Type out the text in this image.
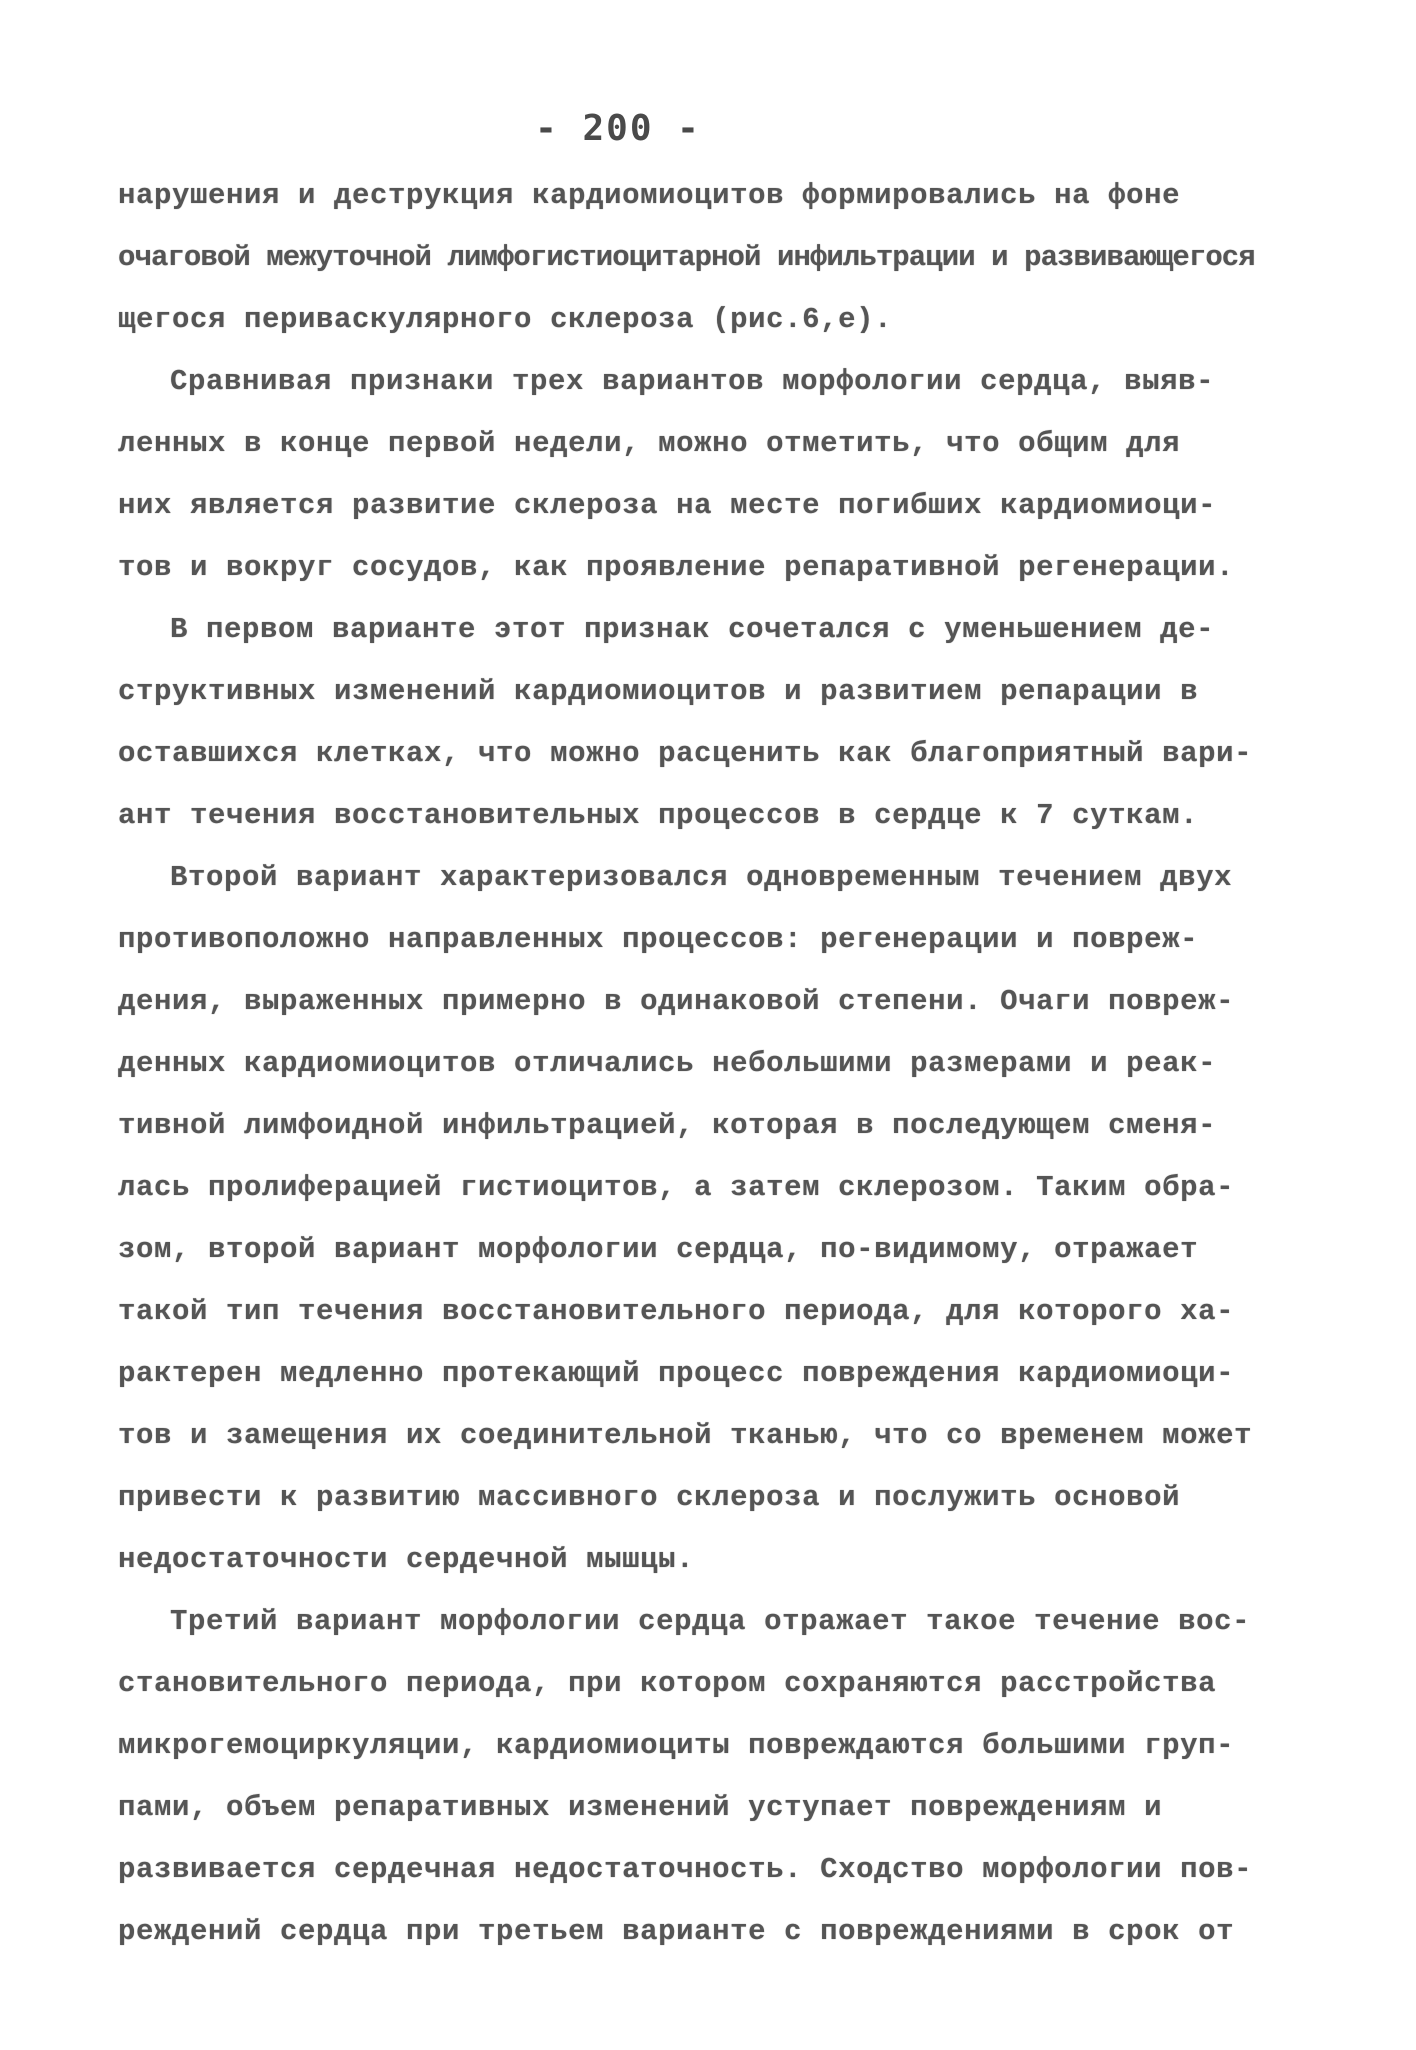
- 200 -
нарушения и деструкция кардиомиоцитов формировались на фоне
очаговой межуточной лимфогистиоцитарной инфильтрации и развивающегося
щегося периваскулярного склероза (рис.6,е).
Сравнивая признаки трех вариантов морфологии сердца, выяв-
ленных в конце первой недели, можно отметить, что общим для
них является развитие склероза на месте погибших кардиомиоци-
тов и вокруг сосудов, как проявление репаративной регенерации.
В первом варианте этот признак сочетался с уменьшением де-
структивных изменений кардиомиоцитов и развитием репарации в
оставшихся клетках, что можно расценить как благоприятный вари-
ант течения восстановительных процессов в сердце к 7 суткам.
Второй вариант характеризовался одновременным течением двух
противоположно направленных процессов: регенерации и повреж-
дения, выраженных примерно в одинаковой степени. Очаги повреж-
денных кардиомиоцитов отличались небольшими размерами и реак-
тивной лимфоидной инфильтрацией, которая в последующем сменя-
лась пролиферацией гистиоцитов, а затем склерозом. Таким обра-
зом, второй вариант морфологии сердца, по-видимому, отражает
такой тип течения восстановительного периода, для которого ха-
рактерен медленно протекающий процесс повреждения кардиомиоци-
тов и замещения их соединительной тканью, что со временем может
привести к развитию массивного склероза и послужить основой
недостаточности сердечной мышцы.
Третий вариант морфологии сердца отражает такое течение вос-
становительного периода, при котором сохраняются расстройства
микрогемоциркуляции, кардиомиоциты повреждаются большими груп-
пами, объем репаративных изменений уступает повреждениям и
развивается сердечная недостаточность. Сходство морфологии пов-
реждений сердца при третьем варианте с повреждениями в срок от
